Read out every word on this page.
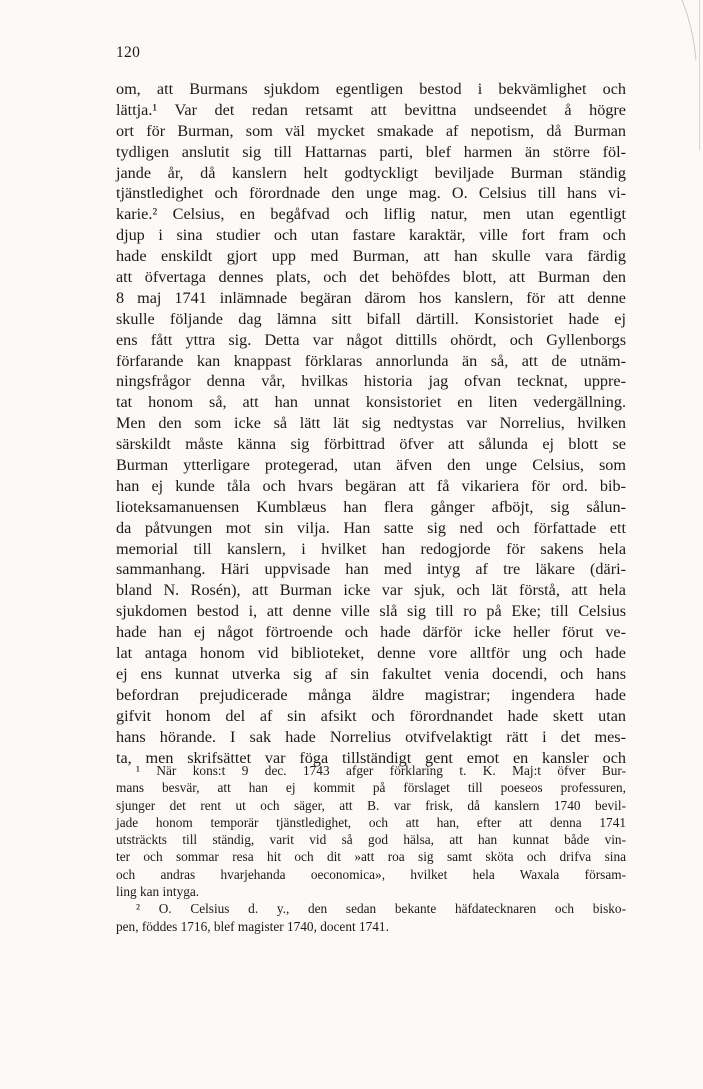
120
om, att Burmans sjukdom egentligen bestod i bekvämlighet och
lättja.¹ Var det redan retsamt att bevittna undseendet å högre
ort för Burman, som väl mycket smakade af nepotism, då Burman
tydligen anslutit sig till Hattarnas parti, blef harmen än större föl-
jande år, då kanslern helt godtyckligt beviljade Burman ständig
tjänstledighet och förordnade den unge mag. O. Celsius till hans vi-
karie.² Celsius, en begåfvad och liflig natur, men utan egentligt
djup i sina studier och utan fastare karaktär, ville fort fram och
hade enskildt gjort upp med Burman, att han skulle vara färdig
att öfvertaga dennes plats, och det behöfdes blott, att Burman den
8 maj 1741 inlämnade begäran därom hos kanslern, för att denne
skulle följande dag lämna sitt bifall därtill. Konsistoriet hade ej
ens fått yttra sig. Detta var något dittills ohördt, och Gyllenborgs
förfarande kan knappast förklaras annorlunda än så, att de utnäm-
ningsfrågor denna vår, hvilkas historia jag ofvan tecknat, uppre-
tat honom så, att han unnat konsistoriet en liten vedergällning.
Men den som icke så lätt lät sig nedtystas var Norrelius, hvilken
särskildt måste känna sig förbittrad öfver att sålunda ej blott se
Burman ytterligare protegerad, utan äfven den unge Celsius, som
han ej kunde tåla och hvars begäran att få vikariera för ord. bib-
lioteksamanuensen Kumblæus han flera gånger afböjt, sig sålun-
da påtvungen mot sin vilja. Han satte sig ned och författade ett
memorial till kanslern, i hvilket han redogjorde för sakens hela
sammanhang. Häri uppvisade han med intyg af tre läkare (däri-
bland N. Rosén), att Burman icke var sjuk, och lät förstå, att hela
sjukdomen bestod i, att denne ville slå sig till ro på Eke; till Celsius
hade han ej något förtroende och hade därför icke heller förut ve-
lat antaga honom vid biblioteket, denne vore alltför ung och hade
ej ens kunnat utverka sig af sin fakultet venia docendi, och hans
befordran prejudicerade många äldre magistrar; ingendera hade
gifvit honom del af sin afsikt och förordnandet hade skett utan
hans hörande. I sak hade Norrelius otvifvelaktigt rätt i det mes-
ta, men skrifsättet var föga tillständigt gent emot en kansler och
¹ När kons:t 9 dec. 1743 afger förklaring t. K. Maj:t öfver Bur-
mans besvär, att han ej kommit på förslaget till poeseos professuren,
sjunger det rent ut och säger, att B. var frisk, då kanslern 1740 bevil-
jade honom temporär tjänstledighet, och att han, efter att denna 1741
utsträckts till ständig, varit vid så god hälsa, att han kunnat både vin-
ter och sommar resa hit och dit »att roa sig samt sköta och drifva sina
och andras hvarjehanda oeconomica», hvilket hela Waxala försam-
ling kan intyga.
² O. Celsius d. y., den sedan bekante häfdatecknaren och bisko-
pen, föddes 1716, blef magister 1740, docent 1741.
